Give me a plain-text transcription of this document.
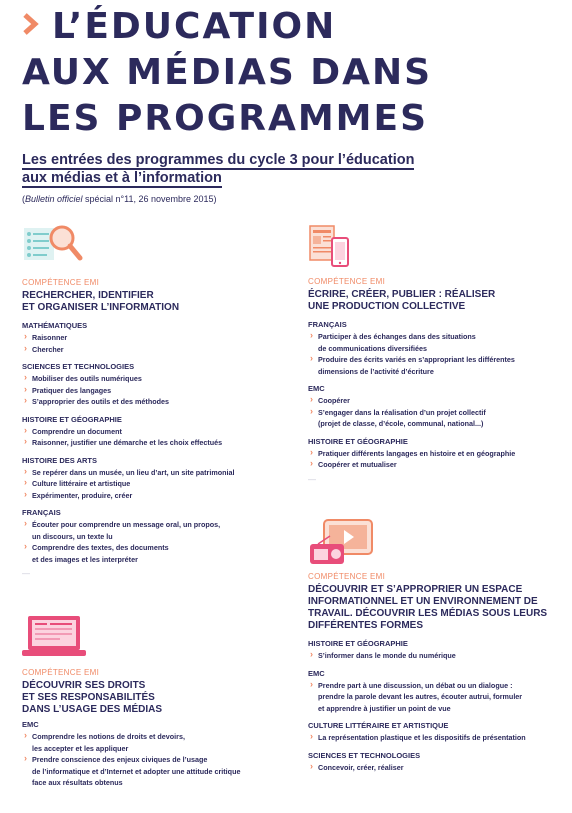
L’ÉDUCATION
AUX MÉDIAS DANS
LES PROGRAMMES
Les entrées des programmes du cycle 3 pour l’éducation
aux médias et à l’information
(Bulletin officiel spécial n°11, 26 novembre 2015)
COMPÉTENCE EMI
RECHERCHER, IDENTIFIER
ET ORGANISER L’INFORMATION
MATHÉMATIQUES
› Raisonner
› Chercher
SCIENCES ET TECHNOLOGIES
› Mobiliser des outils numériques
› Pratiquer des langages
› S’approprier des outils et des méthodes
HISTOIRE ET GÉOGRAPHIE
› Comprendre un document
› Raisonner, justifier une démarche et les choix effectués
HISTOIRE DES ARTS
› Se repérer dans un musée, un lieu d’art, un site patrimonial
› Culture littéraire et artistique
› Expérimenter, produire, créer
FRANÇAIS
› Écouter pour comprendre un message oral, un propos,
un discours, un texte lu
› Comprendre des textes, des documents
et des images et les interpréter
—
COMPÉTENCE EMI
DÉCOUVRIR SES DROITS
ET SES RESPONSABILITÉS
DANS L’USAGE DES MÉDIAS
EMC
› Comprendre les notions de droits et devoirs,
les accepter et les appliquer
› Prendre conscience des enjeux civiques de l’usage
de l’informatique et d’Internet et adopter une attitude critique
face aux résultats obtenus
COMPÉTENCE EMI
ÉCRIRE, CRÉER, PUBLIER : RÉALISER
UNE PRODUCTION COLLECTIVE
FRANÇAIS
› Participer à des échanges dans des situations
de communications diversifiées
› Produire des écrits variés en s’appropriant les différentes
dimensions de l’activité d’écriture
EMC
› Coopérer
› S’engager dans la réalisation d’un projet collectif
(projet de classe, d’école, communal, national...)
HISTOIRE ET GÉOGRAPHIE
› Pratiquer différents langages en histoire et en géographie
› Coopérer et mutualiser
—
COMPÉTENCE EMI
DÉCOUVRIR ET S’APPROPRIER UN ESPACE
INFORMATIONNEL ET UN ENVIRONNEMENT DE
TRAVAIL. DÉCOUVRIR LES MÉDIAS SOUS LEURS
DIFFÉRENTES FORMES
HISTOIRE ET GÉOGRAPHIE
› S’informer dans le monde du numérique
EMC
› Prendre part à une discussion, un débat ou un dialogue :
prendre la parole devant les autres, écouter autrui, formuler
et apprendre à justifier un point de vue
CULTURE LITTÉRAIRE ET ARTISTIQUE
› La représentation plastique et les dispositifs de présentation
SCIENCES ET TECHNOLOGIES
› Concevoir, créer, réaliser
